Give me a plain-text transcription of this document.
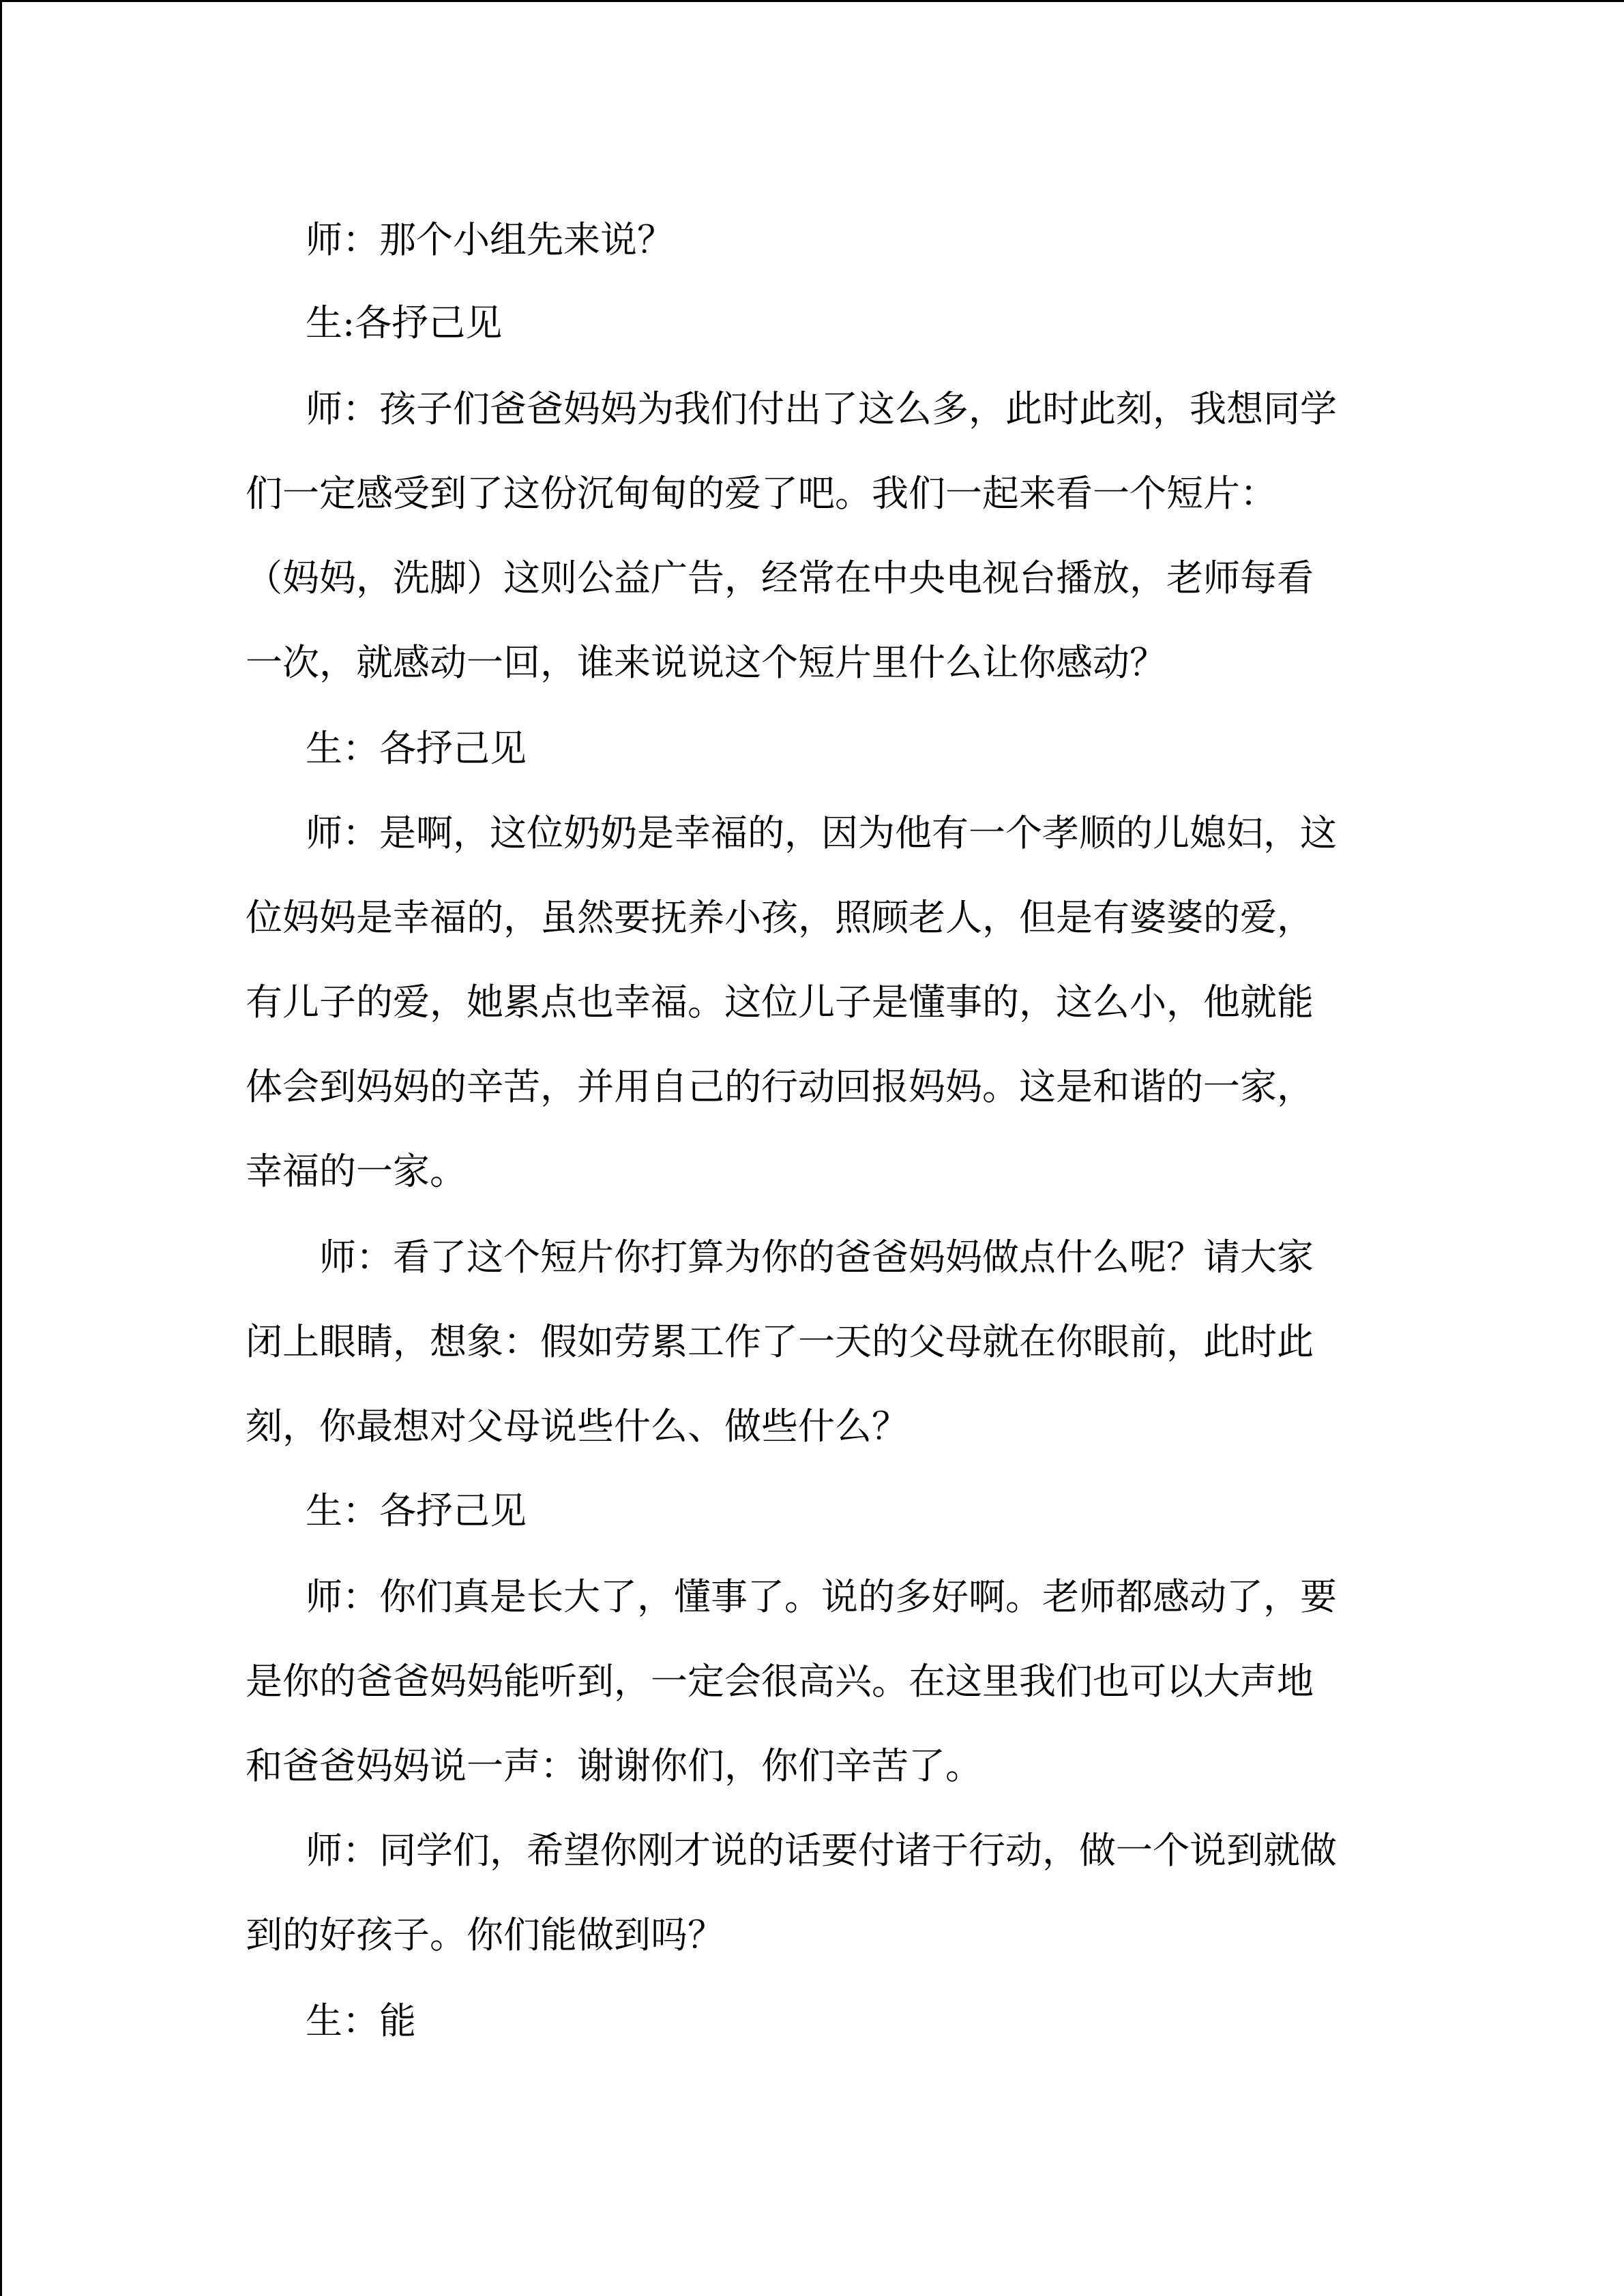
师：那个小组先来说？
生:各抒己见
师：孩子们爸爸妈妈为我们付出了这么多，此时此刻，我想同学
们一定感受到了这份沉甸甸的爱了吧。我们一起来看一个短片：
（妈妈，洗脚）这则公益广告，经常在中央电视台播放，老师每看
一次，就感动一回，谁来说说这个短片里什么让你感动？
生：各抒己见
师：是啊，这位奶奶是幸福的，因为他有一个孝顺的儿媳妇，这
位妈妈是幸福的，虽然要抚养小孩，照顾老人，但是有婆婆的爱，
有儿子的爱，她累点也幸福。这位儿子是懂事的，这么小，他就能
体会到妈妈的辛苦，并用自己的行动回报妈妈。这是和谐的一家，
幸福的一家。
师：看了这个短片你打算为你的爸爸妈妈做点什么呢？请大家
闭上眼睛，想象：假如劳累工作了一天的父母就在你眼前，此时此
刻，你最想对父母说些什么、做些什么？
生：各抒己见
师：你们真是长大了，懂事了。说的多好啊。老师都感动了，要
是你的爸爸妈妈能听到，一定会很高兴。在这里我们也可以大声地
和爸爸妈妈说一声：谢谢你们，你们辛苦了。
师：同学们，希望你刚才说的话要付诸于行动，做一个说到就做
到的好孩子。你们能做到吗？
生：能
